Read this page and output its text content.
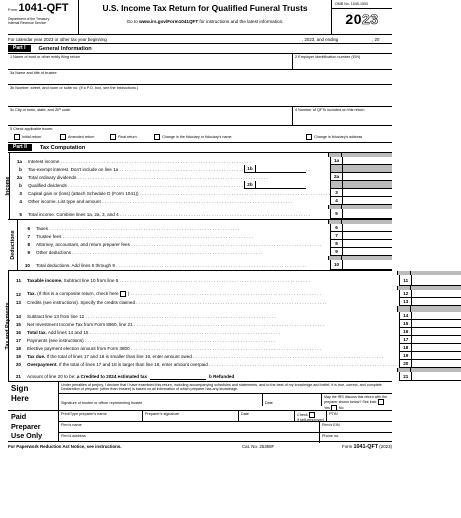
Form 1041-QFT
Department of the Treasury
Internal Revenue Service
U.S. Income Tax Return for Qualified Funeral Trusts
Go to www.irs.gov/Form1041QFT for instructions and the latest information.
OMB No. 1545-1593
2023
For calendar year 2023 or other tax year beginning	, 2023, and ending	, 20
Part I	General Information
1 Name of trust or other entity filing return	2 Employer identification number (EIN)
3a Name and title of trustee
3b Number, street, and room or suite no. (If a P.O. box, see the instructions.)
3c City or town, state, and ZIP code	4 Number of QFTs included on this return
5 Check applicable boxes:
Initial return	Amended return	Final return	Change in the fiduciary or fiduciary's name	Change in fiduciary's address
Part II	Tax Computation
Income
1a	Interest income . . .	1a
b	Tax-exempt interest. Don't include on line 1a . . .	1b
2a	Total ordinary dividends . . .	2a
b	Qualified dividends . . .	2b
3	Capital gain or (loss) (attach Schedule D (Form 1041)) . . .	3
4	Other income. List type and amount . . .	4
5	Total income. Combine lines 1a, 2a, 3, and 4 . . .	5
Deductions
6	Taxes . . .	6
7	Trustee fees . . .	7
8	Attorney, accountant, and return preparer fees . . .	8
9	Other deductions . . .	9
10	Total deductions. Add lines 6 through 9 . . .	10
Tax and Payments
11	Taxable income. Subtract line 10 from line 5 . . .	11
12	Tax. (If this is a composite return, check here ) . . .	12
13	Credits (see instructions). Specify the credits claimed . . .	13
14	Subtract line 13 from line 12 . . .	14
15	Net Investment Income Tax from Form 8960, line 21 . . .	15
16	Total tax. Add lines 14 and 15 . . .	16
17	Payments (see instructions) . . .	17
18	Elective payment election amount from Form 3800 . . .	18
19	Tax due. If the total of lines 17 and 18 is smaller than line 16, enter amount owed . . .	19
20	Overpayment. If the total of lines 17 and 18 is larger than line 16, enter amount overpaid . . .	20
21	Amount of line 20 to be: a Credited to 2024 estimated tax	b Refunded	21
Sign
Here
Under penalties of perjury, I declare that I have examined this return, including accompanying schedules and statements, and to the best of my knowledge and belief, it is true, correct, and complete. Declaration of preparer (other than trustee) is based on all information of which preparer has any knowledge.
Signature of trustee or officer representing trustee	Date
May the IRS discuss this return with the preparer shown below? See instr. Yes	No
Paid
Preparer
Use Only
Print/Type preparer's name	Preparer's signature	Date	Check
if self-employed
PTIN
Firm's name	Firm's EIN
Firm's address	Phone no.
For Paperwork Reduction Act Notice, see instructions.	Cat. No. 25368F	Form 1041-QFT (2023)
